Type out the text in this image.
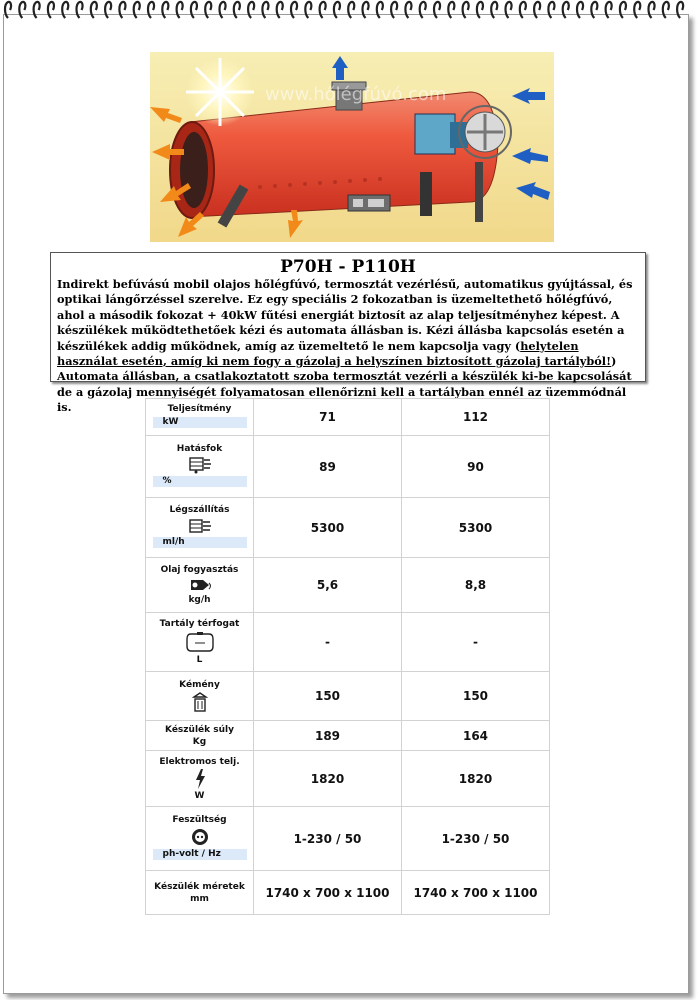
www.hőlégfúvó.com
P70H - P110H

Indirekt befúvású mobil olajos hőlégfúvó, termosztát vezérlésű, automatikus gyújtással, és optikai lángőrzéssel szerelve. Ez egy speciális 2 fokozatban is üzemeltethető hőlégfúvó, ahol a második fokozat + 40kW fűtési energiát biztosít az alap teljesítményhez képest. A készülékek működtethetőek kézi és automata állásban is. Kézi állásba kapcsolás esetén a készülékek addig működnek, amíg az üzemeltető le nem kapcsolja vagy (helytelen használat esetén, amíg ki nem fogy a gázolaj a helyszínen biztosított gázolaj tartályból!) Automata állásban, a csatlakoztatott szoba termosztát vezérli a készülék ki-be kapcsolását de a gázolaj mennyiségét folyamatosan ellenőrizni kell a tartályban ennél az üzemmódnál is.	Teljesítmény
kW	71	112

Hatásfok
%	89	90

Légszállítás
ml/h	5300	5300

Olaj fogyasztás
kg/h	5,6	8,8

Tartály térfogat
L	-	-

Kémény	150	150

Készülék súly
Kg	189	164

Elektromos telj.
W	1820	1820

Feszültség
ph-volt / Hz	1-230 / 50	1-230 / 50

Készülék méretek
mm	1740 x 700 x 1100	1740 x 700 x 1100
